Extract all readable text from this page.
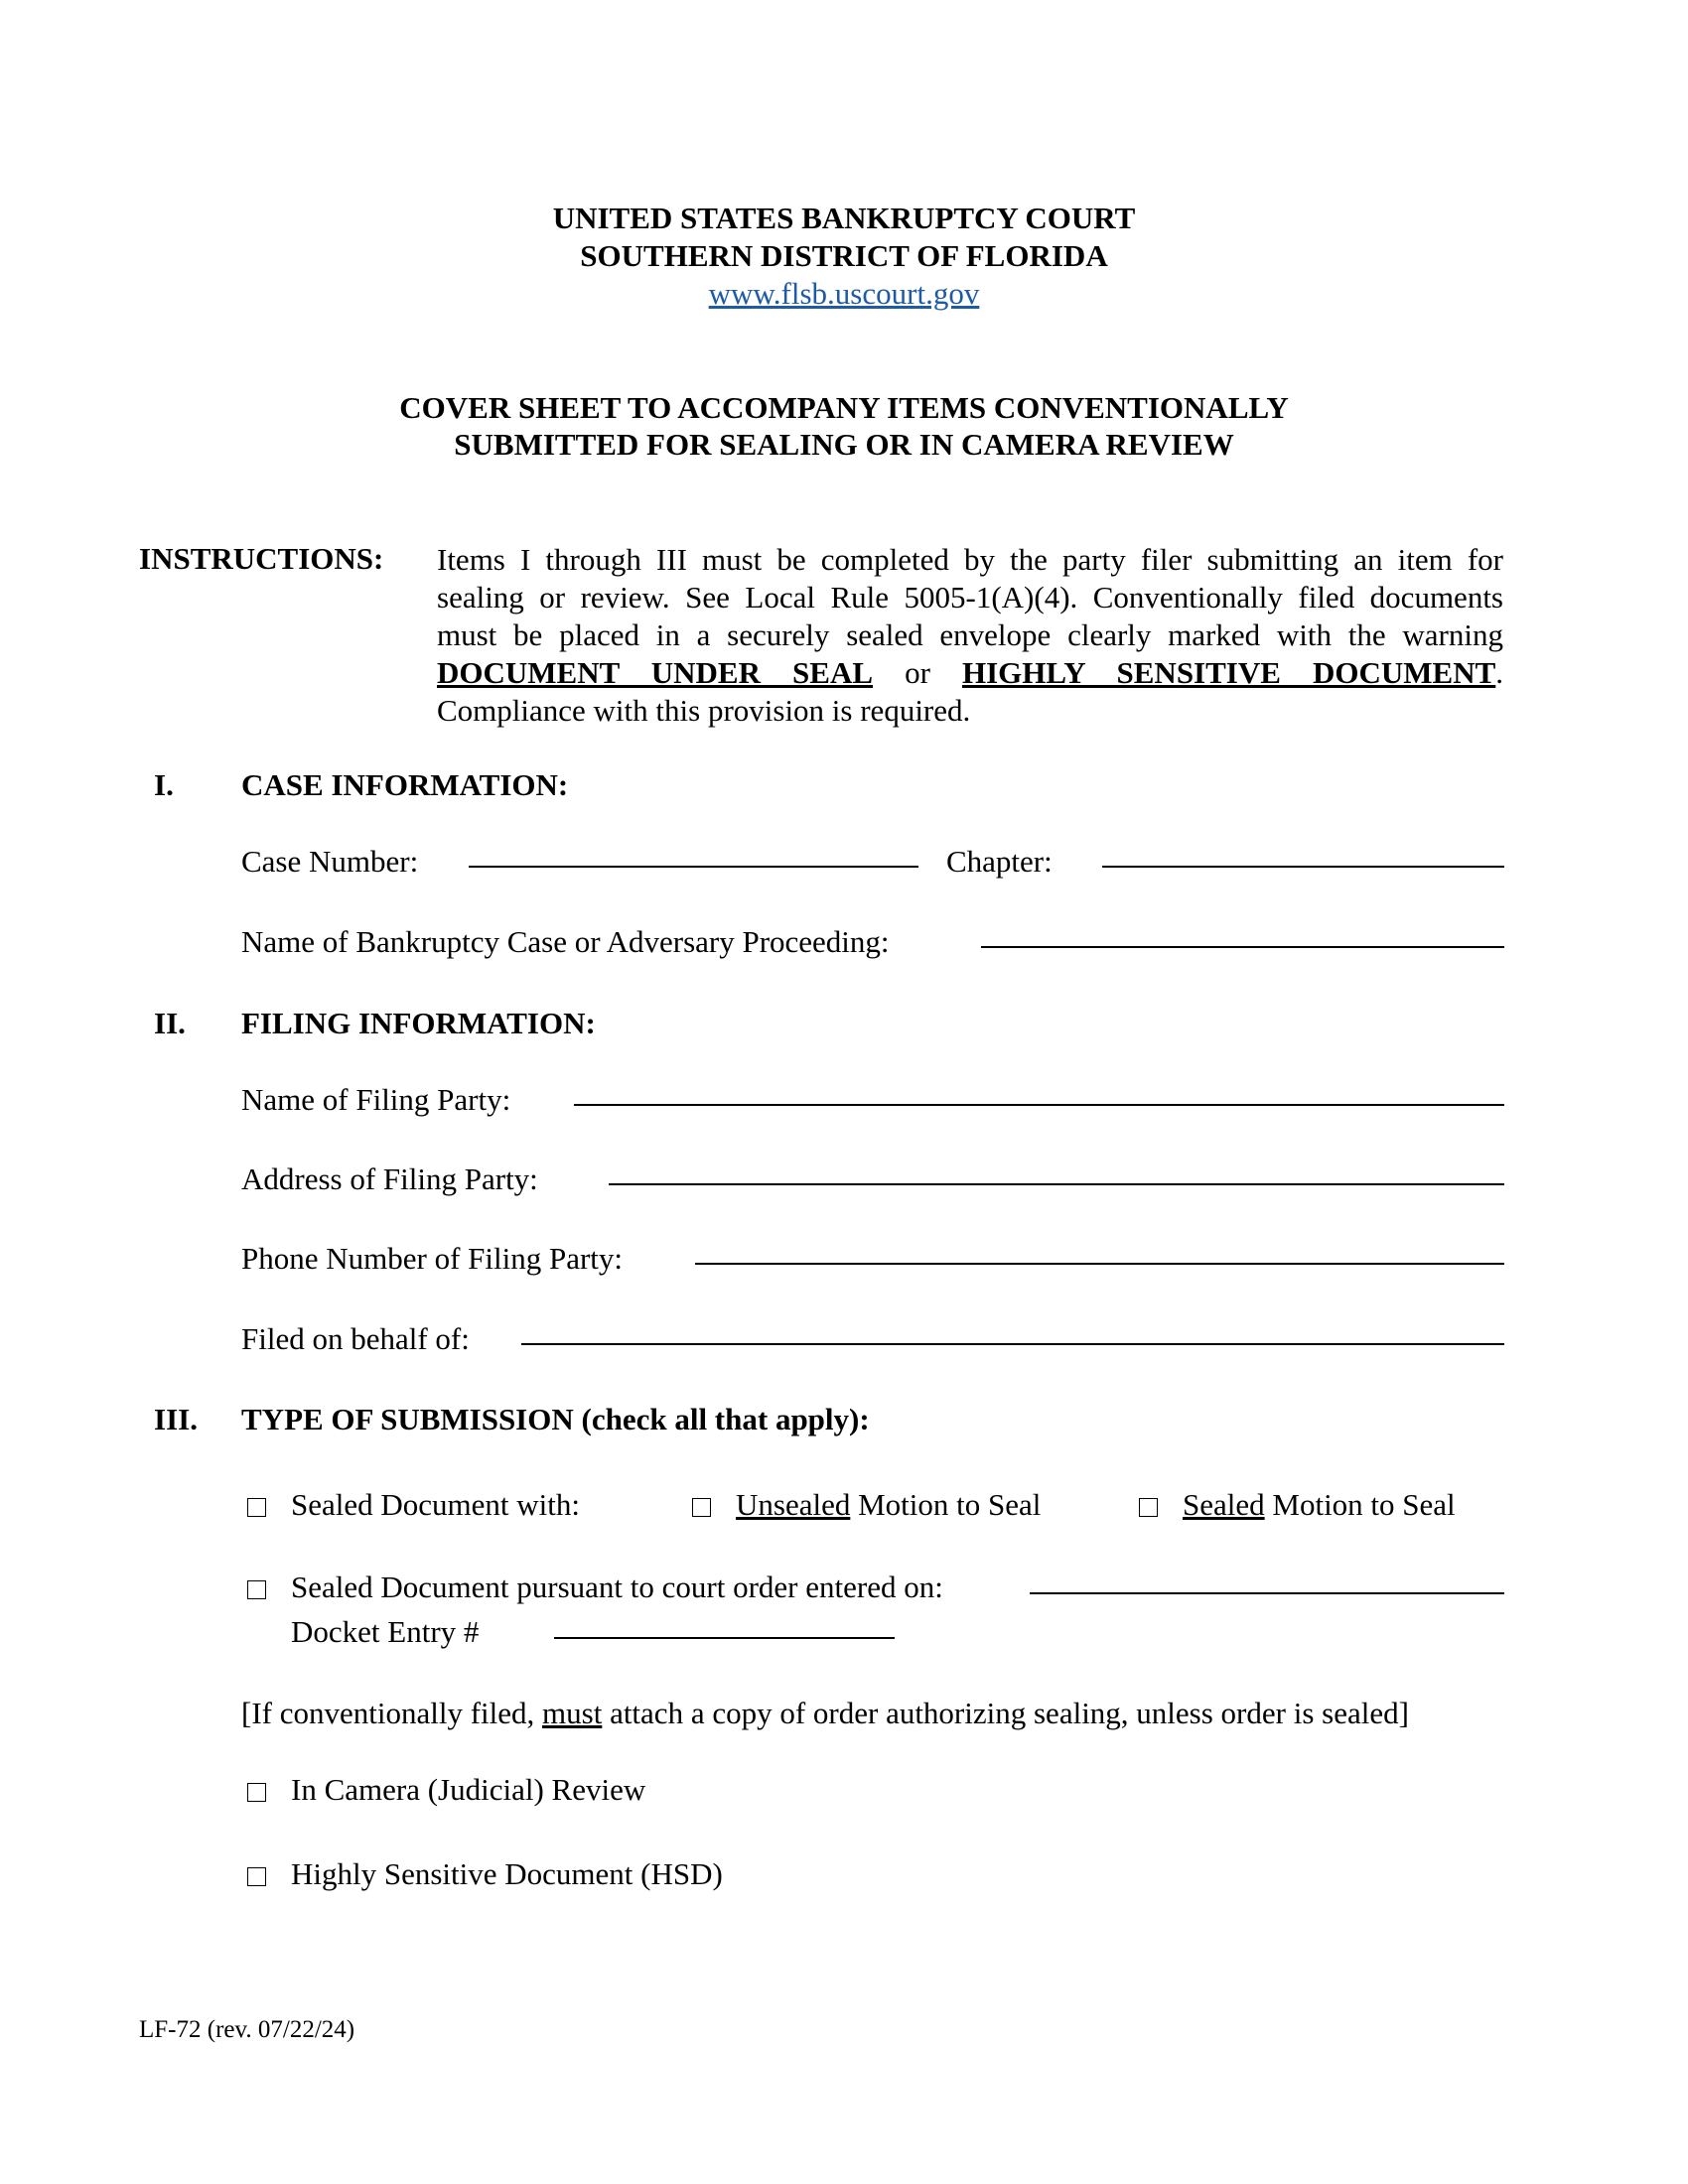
UNITED STATES BANKRUPTCY COURT
SOUTHERN DISTRICT OF FLORIDA
www.flsb.uscourt.gov
COVER SHEET TO ACCOMPANY ITEMS CONVENTIONALLY
SUBMITTED FOR SEALING OR IN CAMERA REVIEW
INSTRUCTIONS: Items I through III must be completed by the party filer submitting an item for
sealing or review. See Local Rule 5005-1(A)(4). Conventionally filed documents
must be placed in a securely sealed envelope clearly marked with the warning
DOCUMENT UNDER SEAL or HIGHLY SENSITIVE DOCUMENT.
Compliance with this provision is required.
I. CASE INFORMATION:
Case Number:	Chapter:
Name of Bankruptcy Case or Adversary Proceeding:
II. FILING INFORMATION:
Name of Filing Party:
Address of Filing Party:
Phone Number of Filing Party:
Filed on behalf of:
III. TYPE OF SUBMISSION (check all that apply):
Sealed Document with:	Unsealed Motion to Seal	Sealed Motion to Seal
Sealed Document pursuant to court order entered on:
Docket Entry #
[If conventionally filed, must attach a copy of order authorizing sealing, unless order is sealed]
In Camera (Judicial) Review
Highly Sensitive Document (HSD)
LF-72 (rev. 07/22/24)
